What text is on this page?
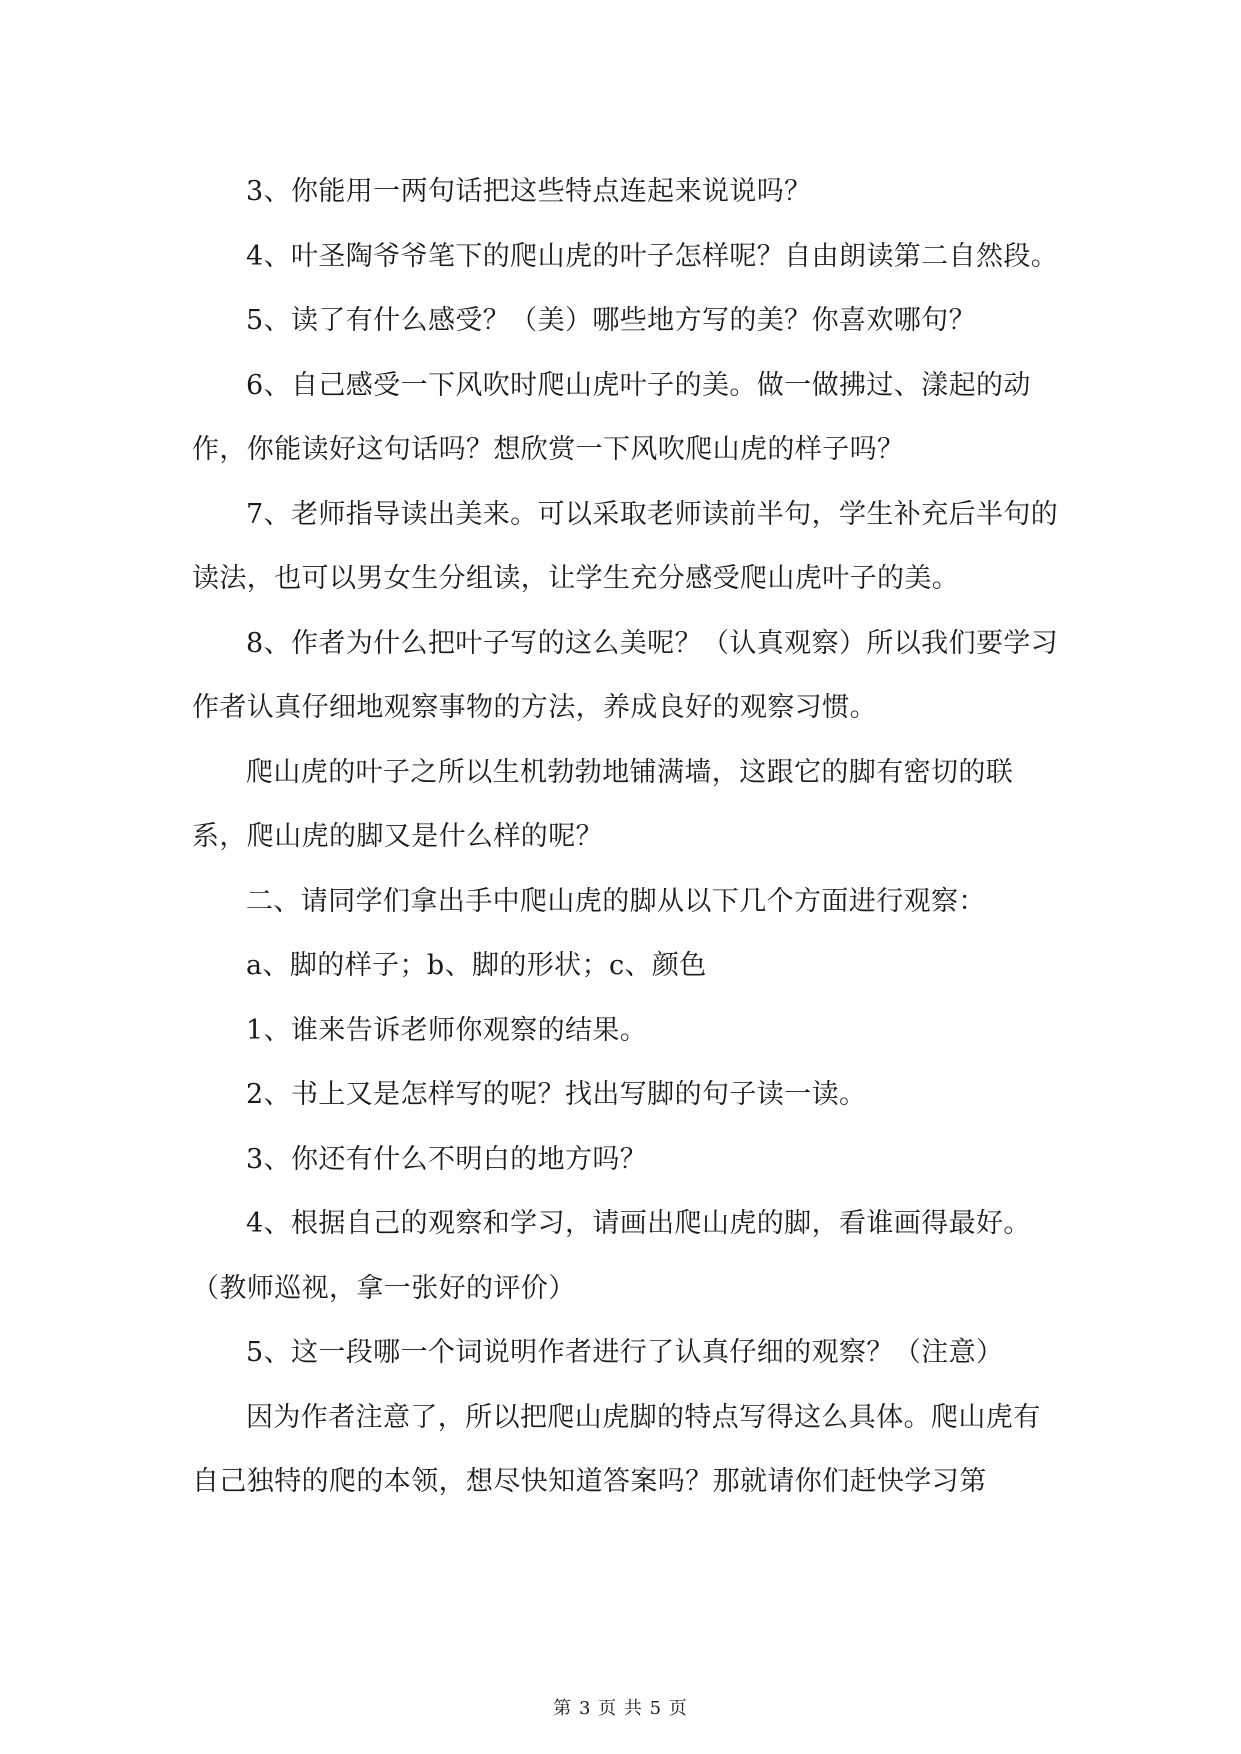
3、你能用一两句话把这些特点连起来说说吗？

4、叶圣陶爷爷笔下的爬山虎的叶子怎样呢？自由朗读第二自然段。

5、读了有什么感受？（美）哪些地方写的美？你喜欢哪句？

6、自己感受一下风吹时爬山虎叶子的美。做一做拂过、漾起的动作，你能读好这句话吗？想欣赏一下风吹爬山虎的样子吗？

7、老师指导读出美来。可以采取老师读前半句，学生补充后半句的读法，也可以男女生分组读，让学生充分感受爬山虎叶子的美。

8、作者为什么把叶子写的这么美呢？（认真观察）所以我们要学习作者认真仔细地观察事物的方法，养成良好的观察习惯。

爬山虎的叶子之所以生机勃勃地铺满墙，这跟它的脚有密切的联系，爬山虎的脚又是什么样的呢？

二、请同学们拿出手中爬山虎的脚从以下几个方面进行观察：

a、脚的样子；b、脚的形状；c、颜色

1、谁来告诉老师你观察的结果。

2、书上又是怎样写的呢？找出写脚的句子读一读。

3、你还有什么不明白的地方吗？

4、根据自己的观察和学习，请画出爬山虎的脚，看谁画得最好。（教师巡视，拿一张好的评价）

5、这一段哪一个词说明作者进行了认真仔细的观察？（注意）

因为作者注意了，所以把爬山虎脚的特点写得这么具体。爬山虎有自己独特的爬的本领，想尽快知道答案吗？那就请你们赶快学习第

第 3 页 共 5 页
